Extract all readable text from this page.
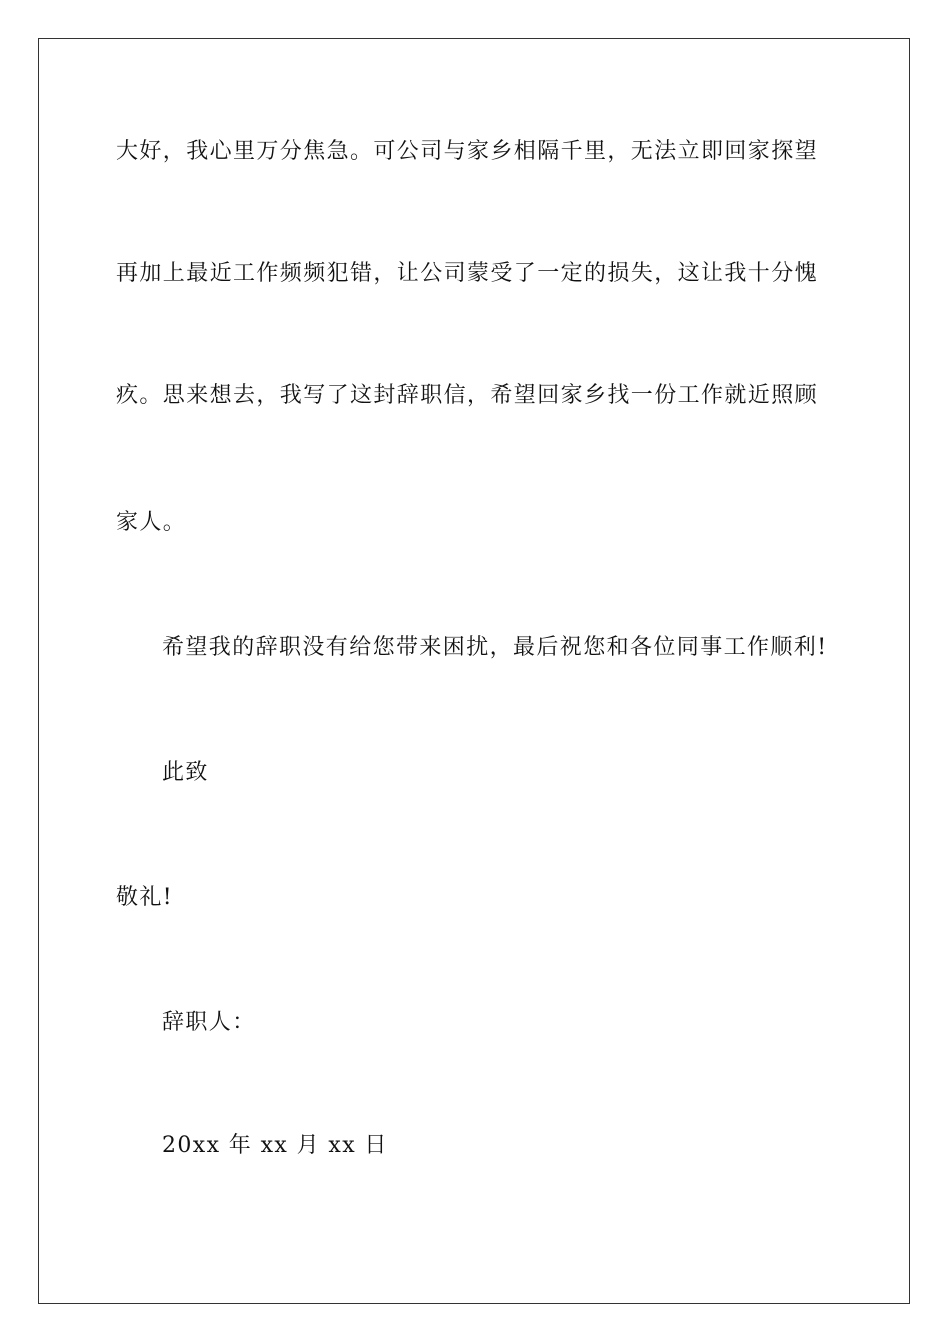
大好，我心里万分焦急。可公司与家乡相隔千里，无法立即回家探望
再加上最近工作频频犯错，让公司蒙受了一定的损失，这让我十分愧
疚。思来想去，我写了这封辞职信，希望回家乡找一份工作就近照顾
家人。
希望我的辞职没有给您带来困扰，最后祝您和各位同事工作顺利!
此致
敬礼!
辞职人：
20xx 年 xx 月 xx 日
